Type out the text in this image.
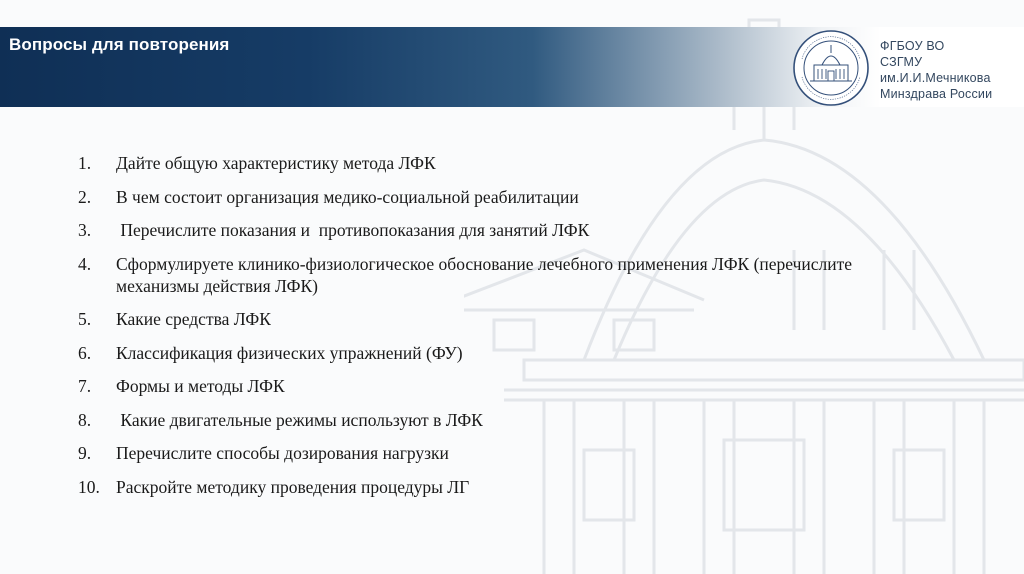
Вопросы для повторения	ФГБОУ ВО
СЗГМУ
им.И.И.Мечникова
Минздрава России
1. Дайте общую характеристику метода ЛФК
2. В чем состоит организация медико-социальной реабилитации
3. Перечислите показания и  противопоказания для занятий ЛФК
4. Сформулируете клинико-физиологическое обоснование лечебного применения ЛФК (перечислите механизмы действия ЛФК)
5. Какие средства ЛФК
6. Классификация физических упражнений (ФУ)
7. Формы и методы ЛФК
8. Какие двигательные режимы используют в ЛФК
9. Перечислите способы дозирования нагрузки
10. Раскройте методику проведения процедуры ЛГ
